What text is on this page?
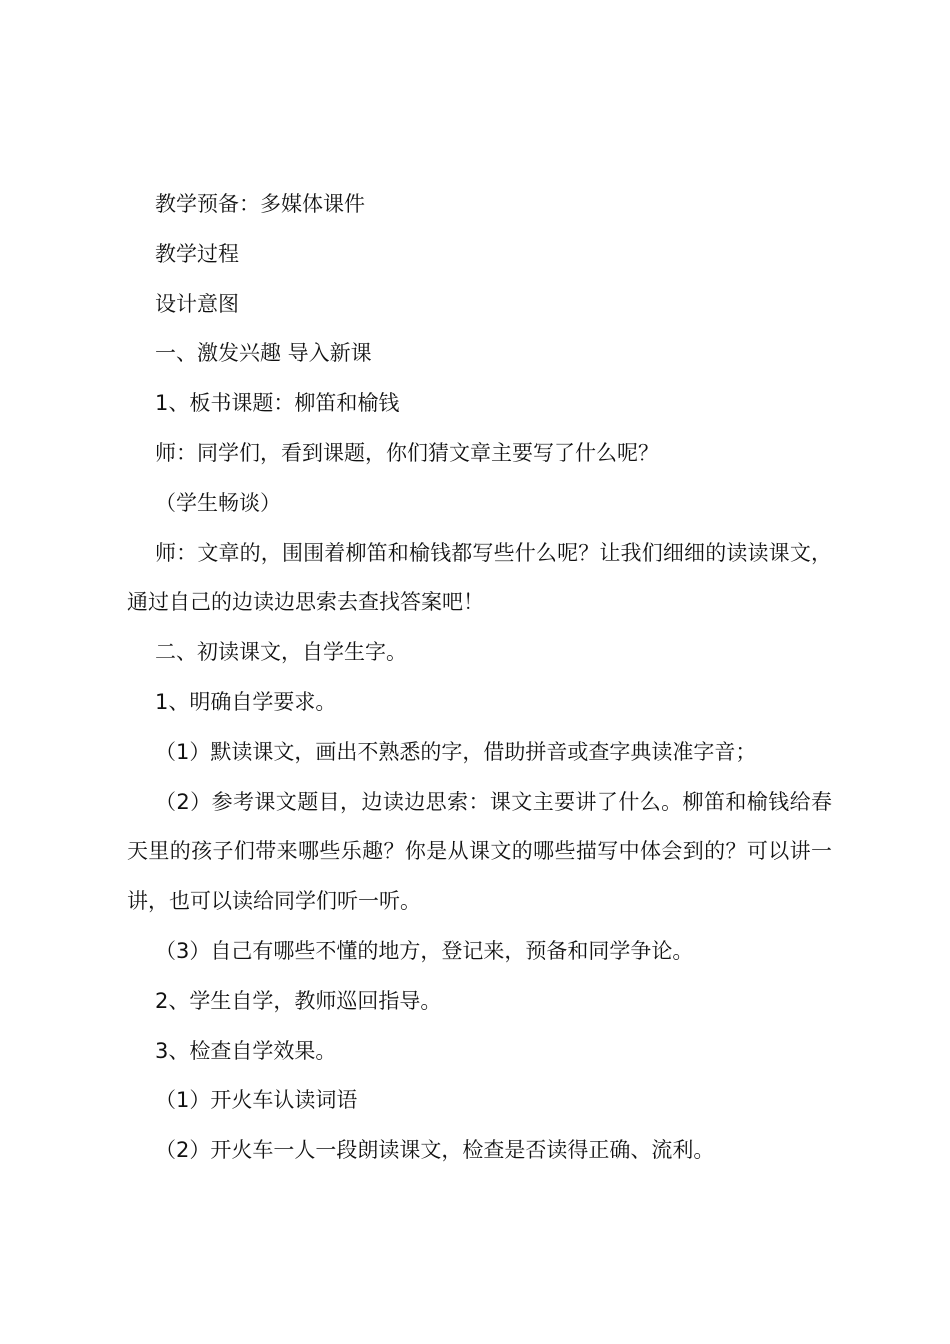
教学预备：多媒体课件

教学过程

设计意图

一、激发兴趣 导入新课

1、板书课题：柳笛和榆钱

师：同学们，看到课题，你们猜文章主要写了什么呢？

（学生畅谈）

师：文章的，围围着柳笛和榆钱都写些什么呢？让我们细细的读读课文，通过自己的边读边思索去查找答案吧！

二、初读课文，自学生字。

1、明确自学要求。

（1）默读课文，画出不熟悉的字，借助拼音或查字典读准字音；

（2）参考课文题目，边读边思索：课文主要讲了什么。柳笛和榆钱给春天里的孩子们带来哪些乐趣？你是从课文的哪些描写中体会到的？可以讲一讲，也可以读给同学们听一听。

（3）自己有哪些不懂的地方，登记来，预备和同学争论。

2、学生自学，教师巡回指导。

3、检查自学效果。

（1）开火车认读词语

（2）开火车一人一段朗读课文，检查是否读得正确、流利。
